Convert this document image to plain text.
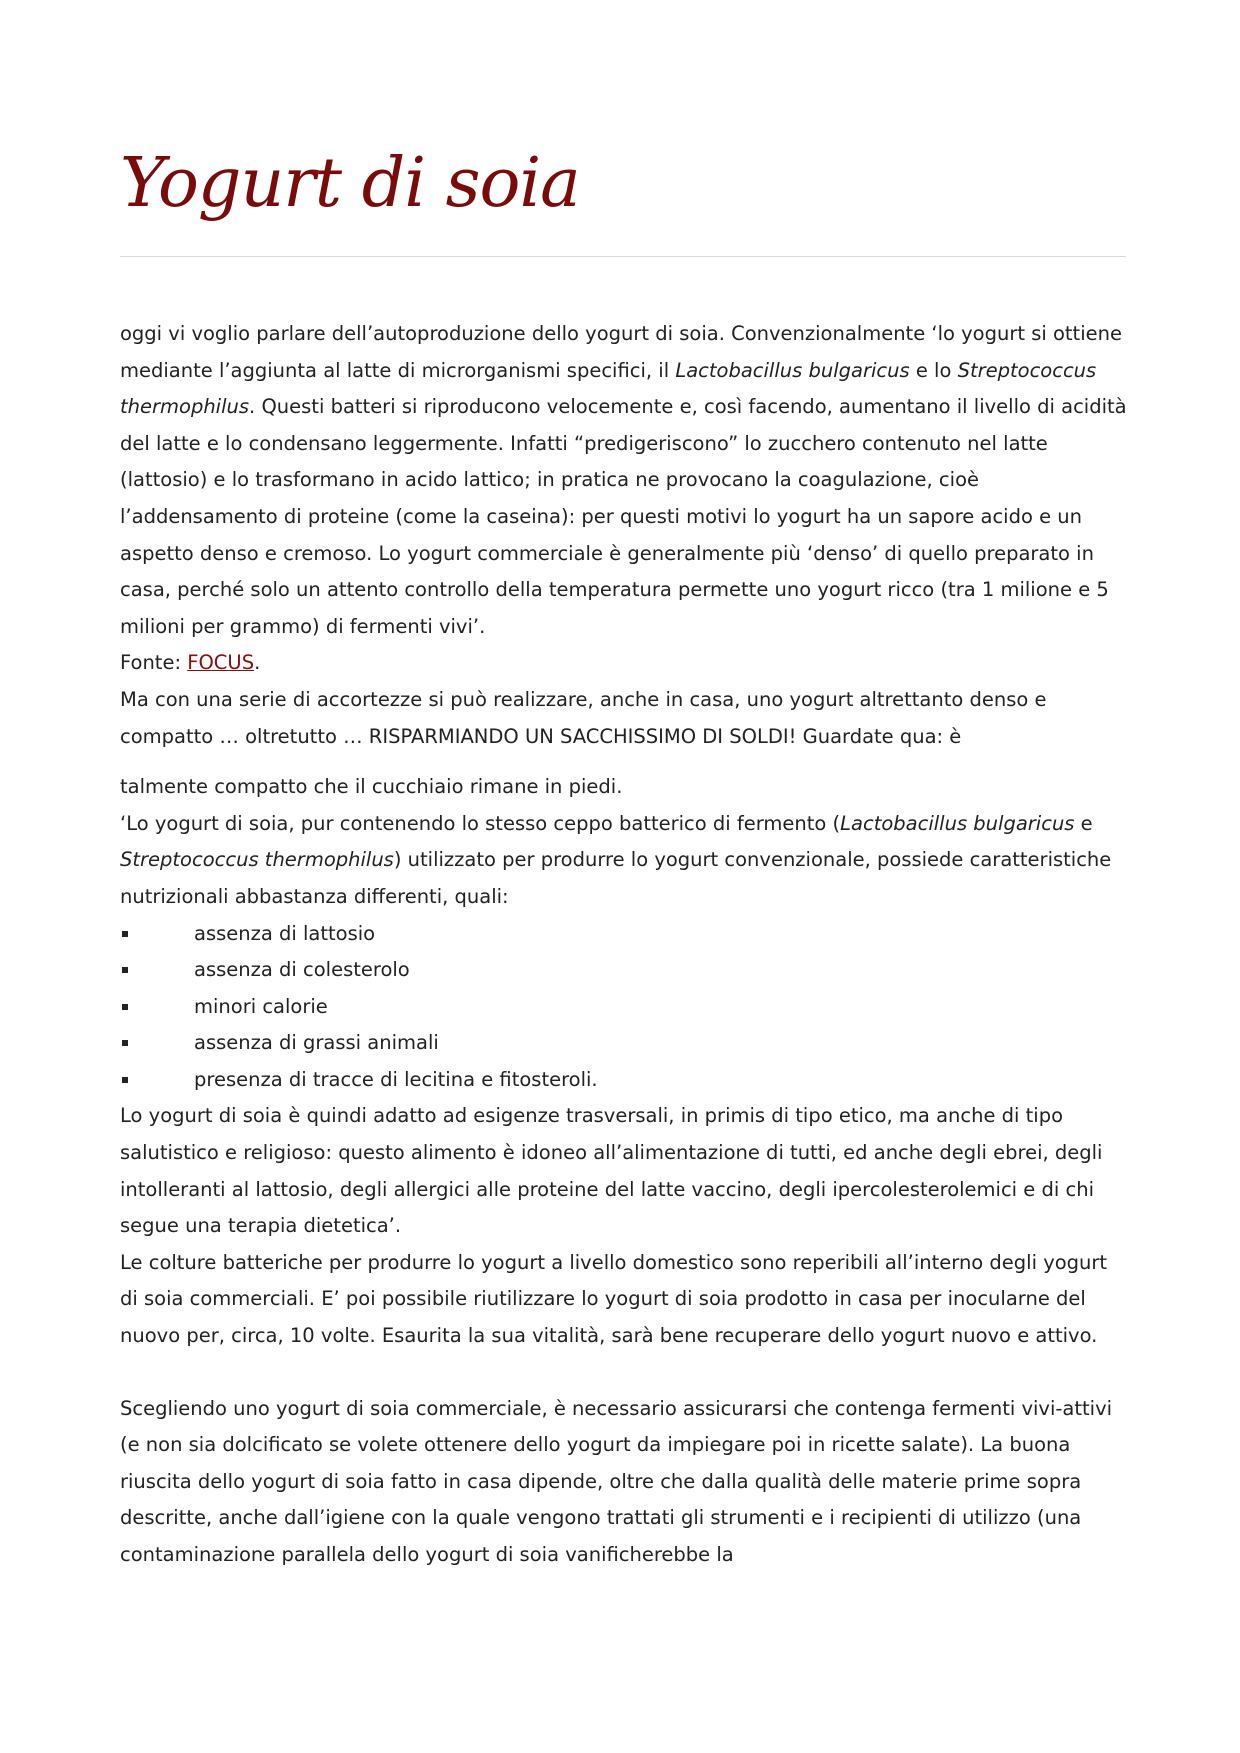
Yogurt di soia

oggi vi voglio parlare dell’autoproduzione dello yogurt di soia. Convenzionalmente ‘lo yogurt si ottiene mediante l’aggiunta al latte di microrganismi specifici, il Lactobacillus bulgaricus e lo Streptococcus thermophilus. Questi batteri si riproducono velocemente e, così facendo, aumentano il livello di acidità del latte e lo condensano leggermente. Infatti “predigeriscono” lo zucchero contenuto nel latte (lattosio) e lo trasformano in acido lattico; in pratica ne provocano la coagulazione, cioè l’addensamento di proteine (come la caseina): per questi motivi lo yogurt ha un sapore acido e un aspetto denso e cremoso. Lo yogurt commerciale è generalmente più ‘denso’ di quello preparato in casa, perché solo un attento controllo della temperatura permette uno yogurt ricco (tra 1 milione e 5 milioni per grammo) di fermenti vivi’.

Fonte: FOCUS.

Ma con una serie di accortezze si può realizzare, anche in casa, uno yogurt altrettanto denso e compatto … oltretutto … RISPARMIANDO UN SACCHISSIMO DI SOLDI! Guardate qua: è

talmente compatto che il cucchiaio rimane in piedi.

‘Lo yogurt di soia, pur contenendo lo stesso ceppo batterico di fermento (Lactobacillus bulgaricus e Streptococcus thermophilus) utilizzato per produrre lo yogurt convenzionale, possiede caratteristiche nutrizionali abbastanza differenti, quali:

assenza di lattosio
assenza di colesterolo
minori calorie
assenza di grassi animali
presenza di tracce di lecitina e fitosteroli.

Lo yogurt di soia è quindi adatto ad esigenze trasversali, in primis di tipo etico, ma anche di tipo salutistico e religioso: questo alimento è idoneo all’alimentazione di tutti, ed anche degli ebrei, degli intolleranti al lattosio, degli allergici alle proteine del latte vaccino, degli ipercolesterolemici e di chi segue una terapia dietetica’.

Le colture batteriche per produrre lo yogurt a livello domestico sono reperibili all’interno degli yogurt di soia commerciali. E’ poi possibile riutilizzare lo yogurt di soia prodotto in casa per inocularne del nuovo per, circa, 10 volte. Esaurita la sua vitalità, sarà bene recuperare dello yogurt nuovo e attivo.

Scegliendo uno yogurt di soia commerciale, è necessario assicurarsi che contenga fermenti vivi-attivi (e non sia dolcificato se volete ottenere dello yogurt da impiegare poi in ricette salate). La buona riuscita dello yogurt di soia fatto in casa dipende, oltre che dalla qualità delle materie prime sopra descritte, anche dall’igiene con la quale vengono trattati gli strumenti e i recipienti di utilizzo (una contaminazione parallela dello yogurt di soia vanificherebbe la
